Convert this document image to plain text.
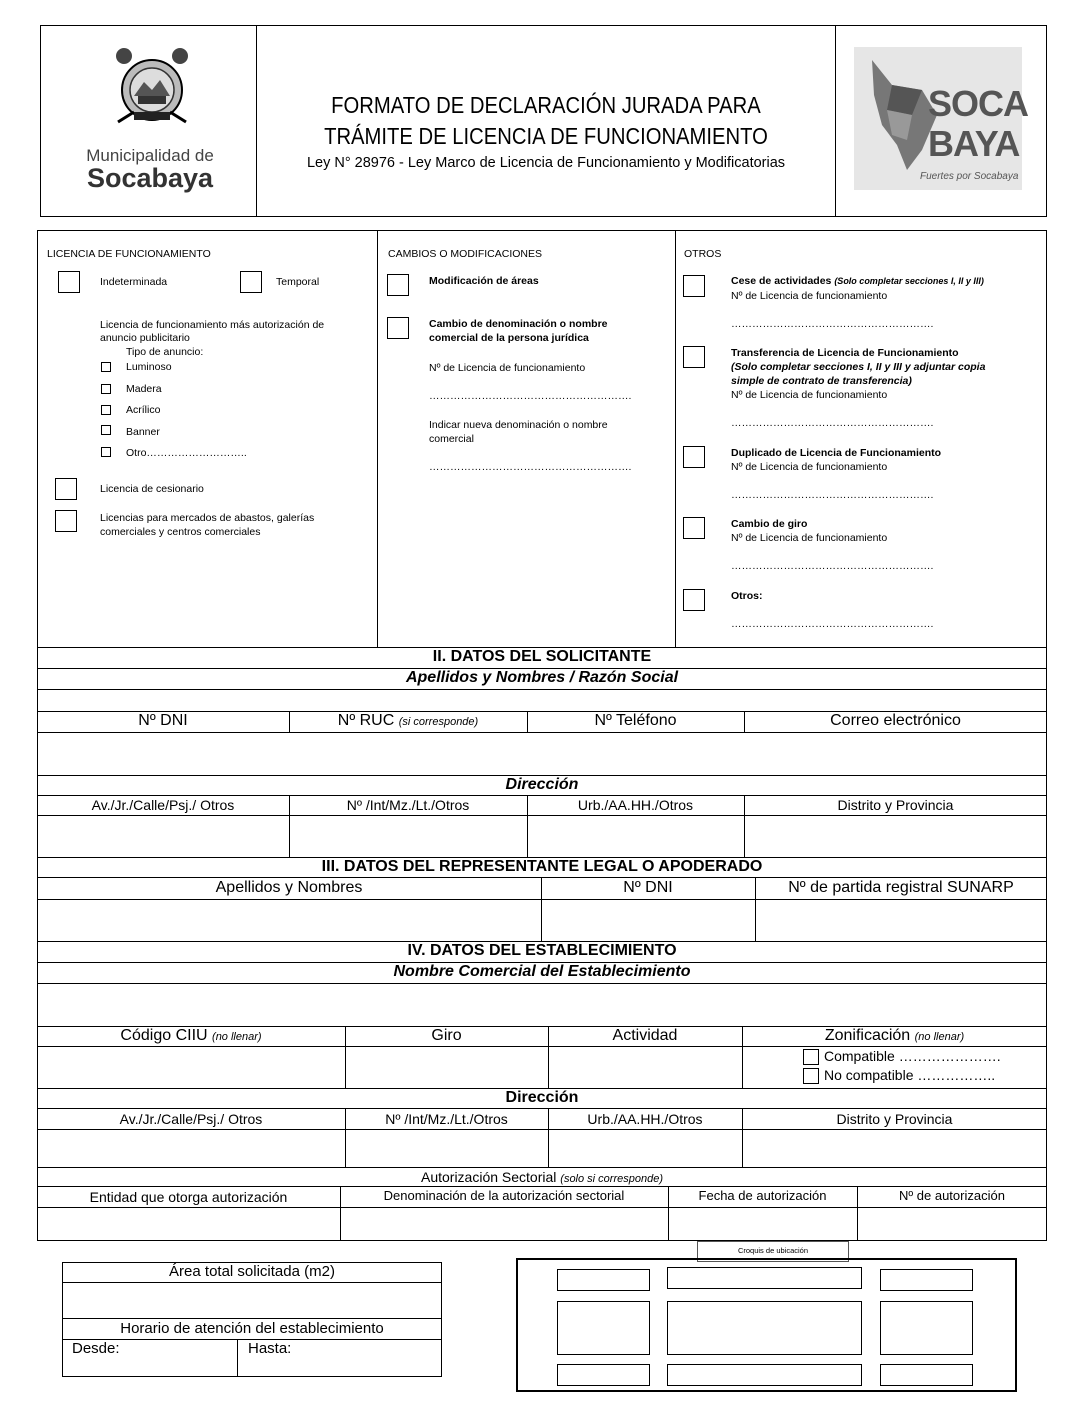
Municipalidad de
Socabaya
FORMATO DE DECLARACIÓN JURADA PARA
TRÁMITE DE LICENCIA DE FUNCIONAMIENTO
Ley N° 28976 - Ley Marco de Licencia de Funcionamiento y Modificatorias
SOCA
BAYA
Fuertes por Socabaya
LICENCIA DE FUNCIONAMIENTO
Indeterminada	Temporal
Licencia de funcionamiento más autorización de
anuncio publicitario
Tipo de anuncio:
Luminoso
Madera
Acrílico
Banner
Otro………………………..
Licencia de cesionario
Licencias para mercados de abastos, galerías
comerciales y centros comerciales
CAMBIOS O MODIFICACIONES
Modificación de áreas
Cambio de denominación o nombre
comercial de la persona jurídica
Nº de Licencia de funcionamiento
………………………………………………….
Indicar nueva denominación o nombre
comercial
………………………………………………….
OTROS
Cese de actividades (Solo completar secciones I, II y III)
Nº de Licencia de funcionamiento
………………………………………………….
Transferencia de Licencia de Funcionamiento
(Solo completar secciones I, II y III y adjuntar copia
simple de contrato de transferencia)
Nº de Licencia de funcionamiento
………………………………………………….
Duplicado de Licencia de Funcionamiento
Nº de Licencia de funcionamiento
………………………………………………….
Cambio de giro
Nº de Licencia de funcionamiento
………………………………………………….
Otros:
………………………………………………….
II. DATOS DEL SOLICITANTE
Apellidos y Nombres / Razón Social
Nº DNI	Nº RUC (si corresponde)	Nº Teléfono	Correo electrónico
Dirección
Av./Jr./Calle/Psj./ Otros	Nº /Int/Mz./Lt./Otros	Urb./AA.HH./Otros	Distrito y Provincia
III. DATOS DEL REPRESENTANTE LEGAL O APODERADO
Apellidos y Nombres	Nº DNI	Nº de partida registral SUNARP
IV. DATOS DEL ESTABLECIMIENTO
Nombre Comercial del Establecimiento
Código CIIU (no llenar)	Giro	Actividad	Zonificación (no llenar)
Compatible ………………….
No compatible ……………..
Dirección
Av./Jr./Calle/Psj./ Otros	Nº /Int/Mz./Lt./Otros	Urb./AA.HH./Otros	Distrito y Provincia
Autorización Sectorial (solo si corresponde)
Entidad que otorga autorización	Denominación de la autorización sectorial	Fecha de autorización	Nº de autorización
Área total solicitada (m2)
Horario de atención del establecimiento
Desde:	Hasta:
Croquis de ubicación
